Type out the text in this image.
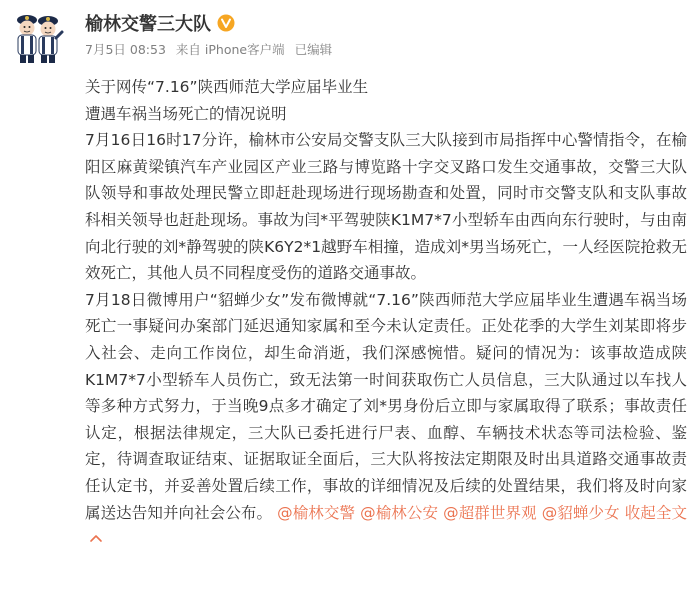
榆林交警三大队
7月5日 08:53 来自 iPhone客户端 已编辑

关于网传“7.16”陕西师范大学应届毕业生

遭遇车祸当场死亡的情况说明

7月16日16时17分许，榆林市公安局交警支队三大队接到市局指挥中心警情指令，在榆阳区麻黄梁镇汽车产业园区产业三路与博览路十字交叉路口发生交通事故，交警三大队队领导和事故处理民警立即赶赴现场进行现场勘查和处置，同时市交警支队和支队事故科相关领导也赶赴现场。事故为闫*平驾驶陕K1M7*7小型轿车由西向东行驶时，与由南向北行驶的刘*静驾驶的陕K6Y2*1越野车相撞，造成刘*男当场死亡，一人经医院抢救无效死亡，其他人员不同程度受伤的道路交通事故。

7月18日微博用户“貂蝉少女”发布微博就“7.16”陕西师范大学应届毕业生遭遇车祸当场死亡一事疑问办案部门延迟通知家属和至今未认定责任。正处花季的大学生刘某即将步入社会、走向工作岗位，却生命消逝，我们深感惋惜。疑问的情况为：该事故造成陕K1M7*7小型轿车人员伤亡，致无法第一时间获取伤亡人员信息，三大队通过以车找人等多种方式努力，于当晚9点多才确定了刘*男身份后立即与家属取得了联系；事故责任认定，根据法律规定，三大队已委托进行尸表、血醇、车辆技术状态等司法检验、鉴定，待调查取证结束、证据取证全面后，三大队将按法定期限及时出具道路交通事故责任认定书，并妥善处置后续工作，事故的详细情况及后续的处置结果，我们将及时向家属送达告知并向社会公布。 @榆林交警 @榆林公安 @超群世界观 @貂蝉少女 收起全文
